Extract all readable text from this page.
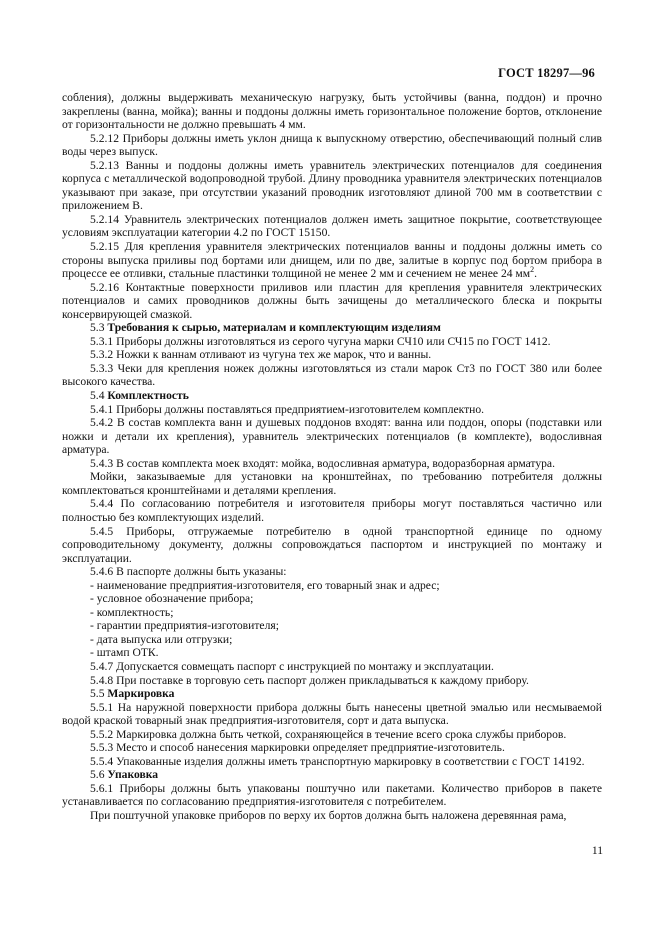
ГОСТ 18297—96

собления), должны выдерживать механическую нагрузку, быть устойчивы (ванна, поддон) и прочно закреплены (ванна, мойка); ванны и поддоны должны иметь горизонтальное положение бортов, отклонение от горизонтальности не должно превышать 4 мм.

5.2.12 Приборы должны иметь уклон днища к выпускному отверстию, обеспечивающий полный слив воды через выпуск.

5.2.13 Ванны и поддоны должны иметь уравнитель электрических потенциалов для соединения корпуса с металлической водопроводной трубой. Длину проводника уравнителя электрических потенциалов указывают при заказе, при отсутствии указаний проводник изготовляют длиной 700 мм в соответствии с приложением В.

5.2.14 Уравнитель электрических потенциалов должен иметь защитное покрытие, соответствующее условиям эксплуатации категории 4.2 по ГОСТ 15150.

5.2.15 Для крепления уравнителя электрических потенциалов ванны и поддоны должны иметь со стороны выпуска приливы под бортами или днищем, или по две, залитые в корпус под бортом прибора в процессе ее отливки, стальные пластинки толщиной не менее 2 мм и сечением не менее 24 $мм^2$.

5.2.16 Контактные поверхности приливов или пластин для крепления уравнителя электрических потенциалов и самих проводников должны быть зачищены до металлического блеска и покрыты консервирующей смазкой.

5.3 Требования к сырью, материалам и комплектующим изделиям

5.3.1 Приборы должны изготовляться из серого чугуна марки СЧ10 или СЧ15 по ГОСТ 1412.

5.3.2 Ножки к ваннам отливают из чугуна тех же марок, что и ванны.

5.3.3 Чеки для крепления ножек должны изготовляться из стали марок Ст3 по ГОСТ 380 или более высокого качества.

5.4 Комплектность

5.4.1 Приборы должны поставляться предприятием-изготовителем комплектно.

5.4.2 В состав комплекта ванн и душевых поддонов входят: ванна или поддон, опоры (подставки или ножки и детали их крепления), уравнитель электрических потенциалов (в комплекте), водосливная арматура.

5.4.3 В состав комплекта моек входят: мойка, водосливная арматура, водоразборная арматура.

Мойки, заказываемые для установки на кронштейнах, по требованию потребителя должны комплектоваться кронштейнами и деталями крепления.

5.4.4 По согласованию потребителя и изготовителя приборы могут поставляться частично или полностью без комплектующих изделий.

5.4.5 Приборы, отгружаемые потребителю в одной транспортной единице по одному сопроводительному документу, должны сопровождаться паспортом и инструкцией по монтажу и эксплуатации.

5.4.6 В паспорте должны быть указаны:

- наименование предприятия-изготовителя, его товарный знак и адрес;

- условное обозначение прибора;

- комплектность;

- гарантии предприятия-изготовителя;

- дата выпуска или отгрузки;

- штамп ОТК.

5.4.7 Допускается совмещать паспорт с инструкцией по монтажу и эксплуатации.

5.4.8 При поставке в торговую сеть паспорт должен прикладываться к каждому прибору.

5.5 Маркировка

5.5.1 На наружной поверхности прибора должны быть нанесены цветной эмалью или несмываемой водой краской товарный знак предприятия-изготовителя, сорт и дата выпуска.

5.5.2 Маркировка должна быть четкой, сохраняющейся в течение всего срока службы приборов.

5.5.3 Место и способ нанесения маркировки определяет предприятие-изготовитель.

5.5.4 Упакованные изделия должны иметь транспортную маркировку в соответствии с ГОСТ 14192.

5.6 Упаковка

5.6.1 Приборы должны быть упакованы поштучно или пакетами. Количество приборов в пакете устанавливается по согласованию предприятия-изготовителя с потребителем.

При поштучной упаковке приборов по верху их бортов должна быть наложена деревянная рама,

11
